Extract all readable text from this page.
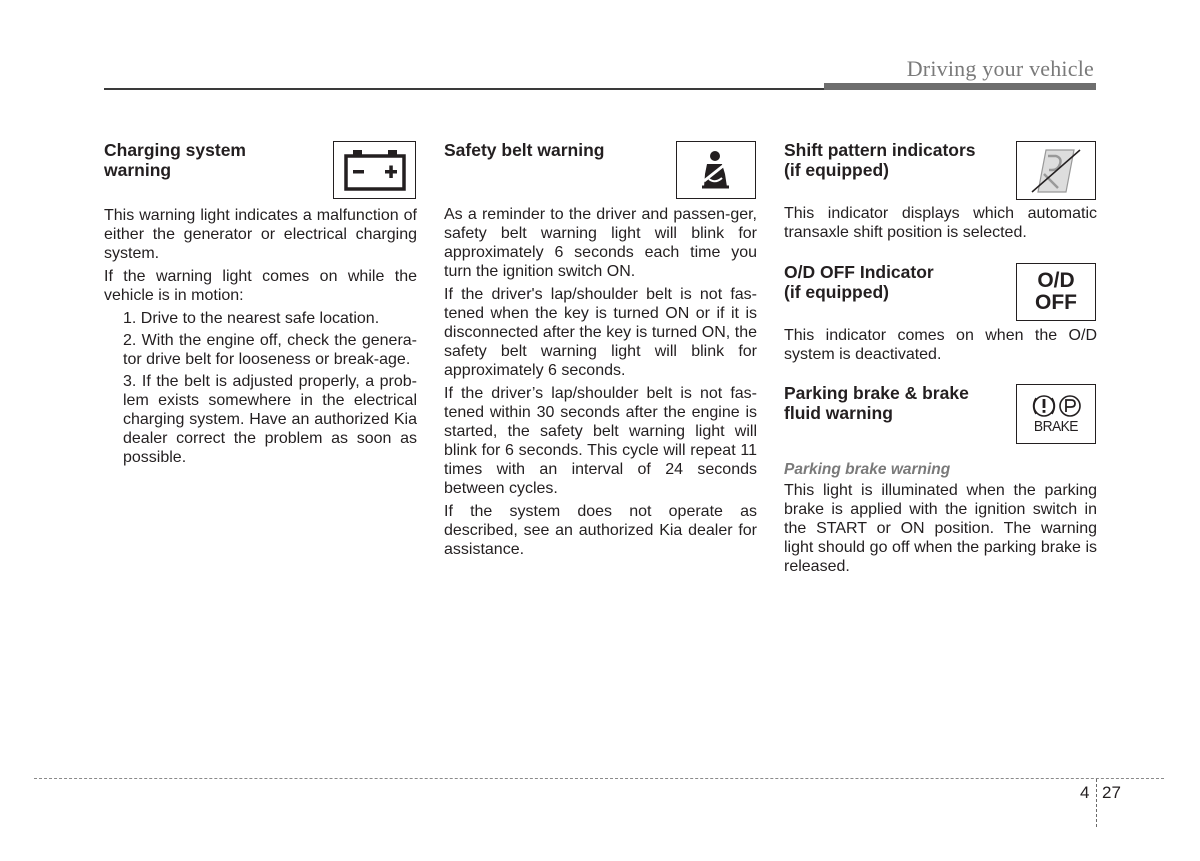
Driving your vehicle
Charging system warning

This warning light indicates a malfunction of either the generator or electrical charging system.

If the warning light comes on while the vehicle is in motion:

1. Drive to the nearest safe location.
2. With the engine off, check the genera-tor drive belt for looseness or break-age.
3. If the belt is adjusted properly, a prob-lem exists somewhere in the electrical charging system. Have an authorized Kia dealer correct the problem as soon as possible.
Safety belt warning

As a reminder to the driver and passen-ger, safety belt warning light will blink for approximately 6 seconds each time you turn the ignition switch ON.

If the driver's lap/shoulder belt is not fas-tened when the key is turned ON or if it is disconnected after the key is turned ON, the safety belt warning light will blink for approximately 6 seconds.

If the driver’s lap/shoulder belt is not fas-tened within 30 seconds after the engine is started, the safety belt warning light will blink for 6 seconds. This cycle will repeat 11 times with an interval of 24 seconds between cycles.

If the system does not operate as described, see an authorized Kia dealer for assistance.

Shift pattern indicators
(if equipped)

This indicator displays which automatic transaxle shift position is selected.

O/D OFF Indicator
(if equipped)	O/D
OFF

This indicator comes on when the O/D system is deactivated.

Parking brake & brake
fluid warning
BRAKE
Parking brake warning

This light is illuminated when the parking brake is applied with the ignition switch in the START or ON position. The warning light should go off when the parking brake is released.

4 27
